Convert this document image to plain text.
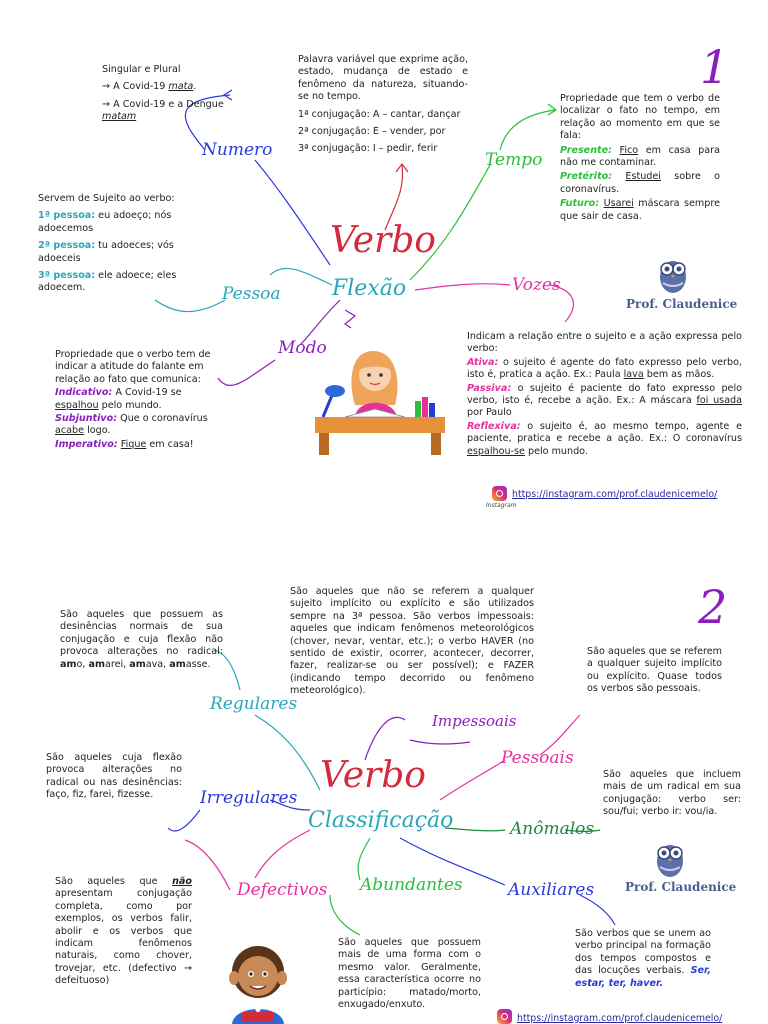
1

Singular e Plural

→ A Covid-19 mata.

→ A Covid-19 e a Dengue matam

Palavra variável que exprime ação, estado, mudança de estado e fenômeno da natureza, situando-se no tempo.

1ª conjugação: A – cantar, dançar

2ª conjugação: E – vender, por

3ª conjugação: I – pedir, ferir

Propriedade que tem o verbo de localizar o fato no tempo, em relação ao momento em que se fala:

Presente: Fico em casa para não me contaminar.

Pretérito: Estudei sobre o coronavírus.

Futuro: Usarei máscara sempre que sair de casa.

Servem de Sujeito ao verbo:

1ª pessoa: eu adoeço; nós adoecemos

2ª pessoa: tu adoeces; vós adoeceis

3ª pessoa: ele adoece; eles adoecem.

Numero	Tempo
Pessoa
Modo
Vozes
Verbo
Flexão
Prof. Claudenice

Propriedade que o verbo tem de indicar a atitude do falante em relação ao fato que comunica:

Indicativo: A Covid-19 se espalhou pelo mundo.

Subjuntivo: Que o coronavírus acabe logo.

Imperativo: Fique em casa!

Indicam a relação entre o sujeito e a ação expressa pelo verbo:

Ativa: o sujeito é agente do fato expresso pelo verbo, isto é, pratica a ação. Ex.: Paula lava bem as mãos.

Passiva: o sujeito é paciente do fato expresso pelo verbo, isto é, recebe a ação. Ex.: A máscara foi usada por Paulo

Reflexiva: o sujeito é, ao mesmo tempo, agente e paciente, pratica e recebe a ação. Ex.: O coronavírus espalhou-se pelo mundo.

Instagram
https://instagram.com/prof.claudenicemelo/
2
São aqueles que possuem as desinências normais de sua conjugação e cuja flexão não provoca alterações no radical: amo, amarei, amava, amasse.
São aqueles que não se referem a qualquer sujeito implícito ou explícito e são utilizados sempre na 3ª pessoa. São verbos impessoais: aqueles que indicam fenômenos meteorológicos (chover, nevar, ventar, etc.); o verbo HAVER (no sentido de existir, ocorrer, acontecer, decorrer, fazer, realizar-se ou ser possível); e FAZER (indicando tempo decorrido ou fenômeno meteorológico).
São aqueles que se referem a qualquer sujeito implícito ou explícito. Quase todos os verbos são pessoais.
Regulares
Impessoais
Pessoais
Irregulares
Anômalos
Defectivos Abundantes	Auxiliares
Verbo
Classificação
São aqueles cuja flexão provoca alterações no radical ou nas desinências: faço, fiz, farei, fizesse.
São aqueles que incluem mais de um radical em sua conjugação: verbo ser: sou/fui; verbo ir: vou/ia.
Prof. Claudenice
São aqueles que não apresentam conjugação completa, como por exemplos, os verbos falir, abolir e os verbos que indicam fenômenos naturais, como chover, trovejar, etc. (defectivo → defeituoso)
São aqueles que possuem mais de uma forma com o mesmo valor. Geralmente, essa característica ocorre no particípio: matado/morto, enxugado/enxuto.
São verbos que se unem ao verbo principal na formação dos tempos compostos e das locuções verbais. Ser, estar, ter, haver.
https://instagram.com/prof.claudenicemelo/
